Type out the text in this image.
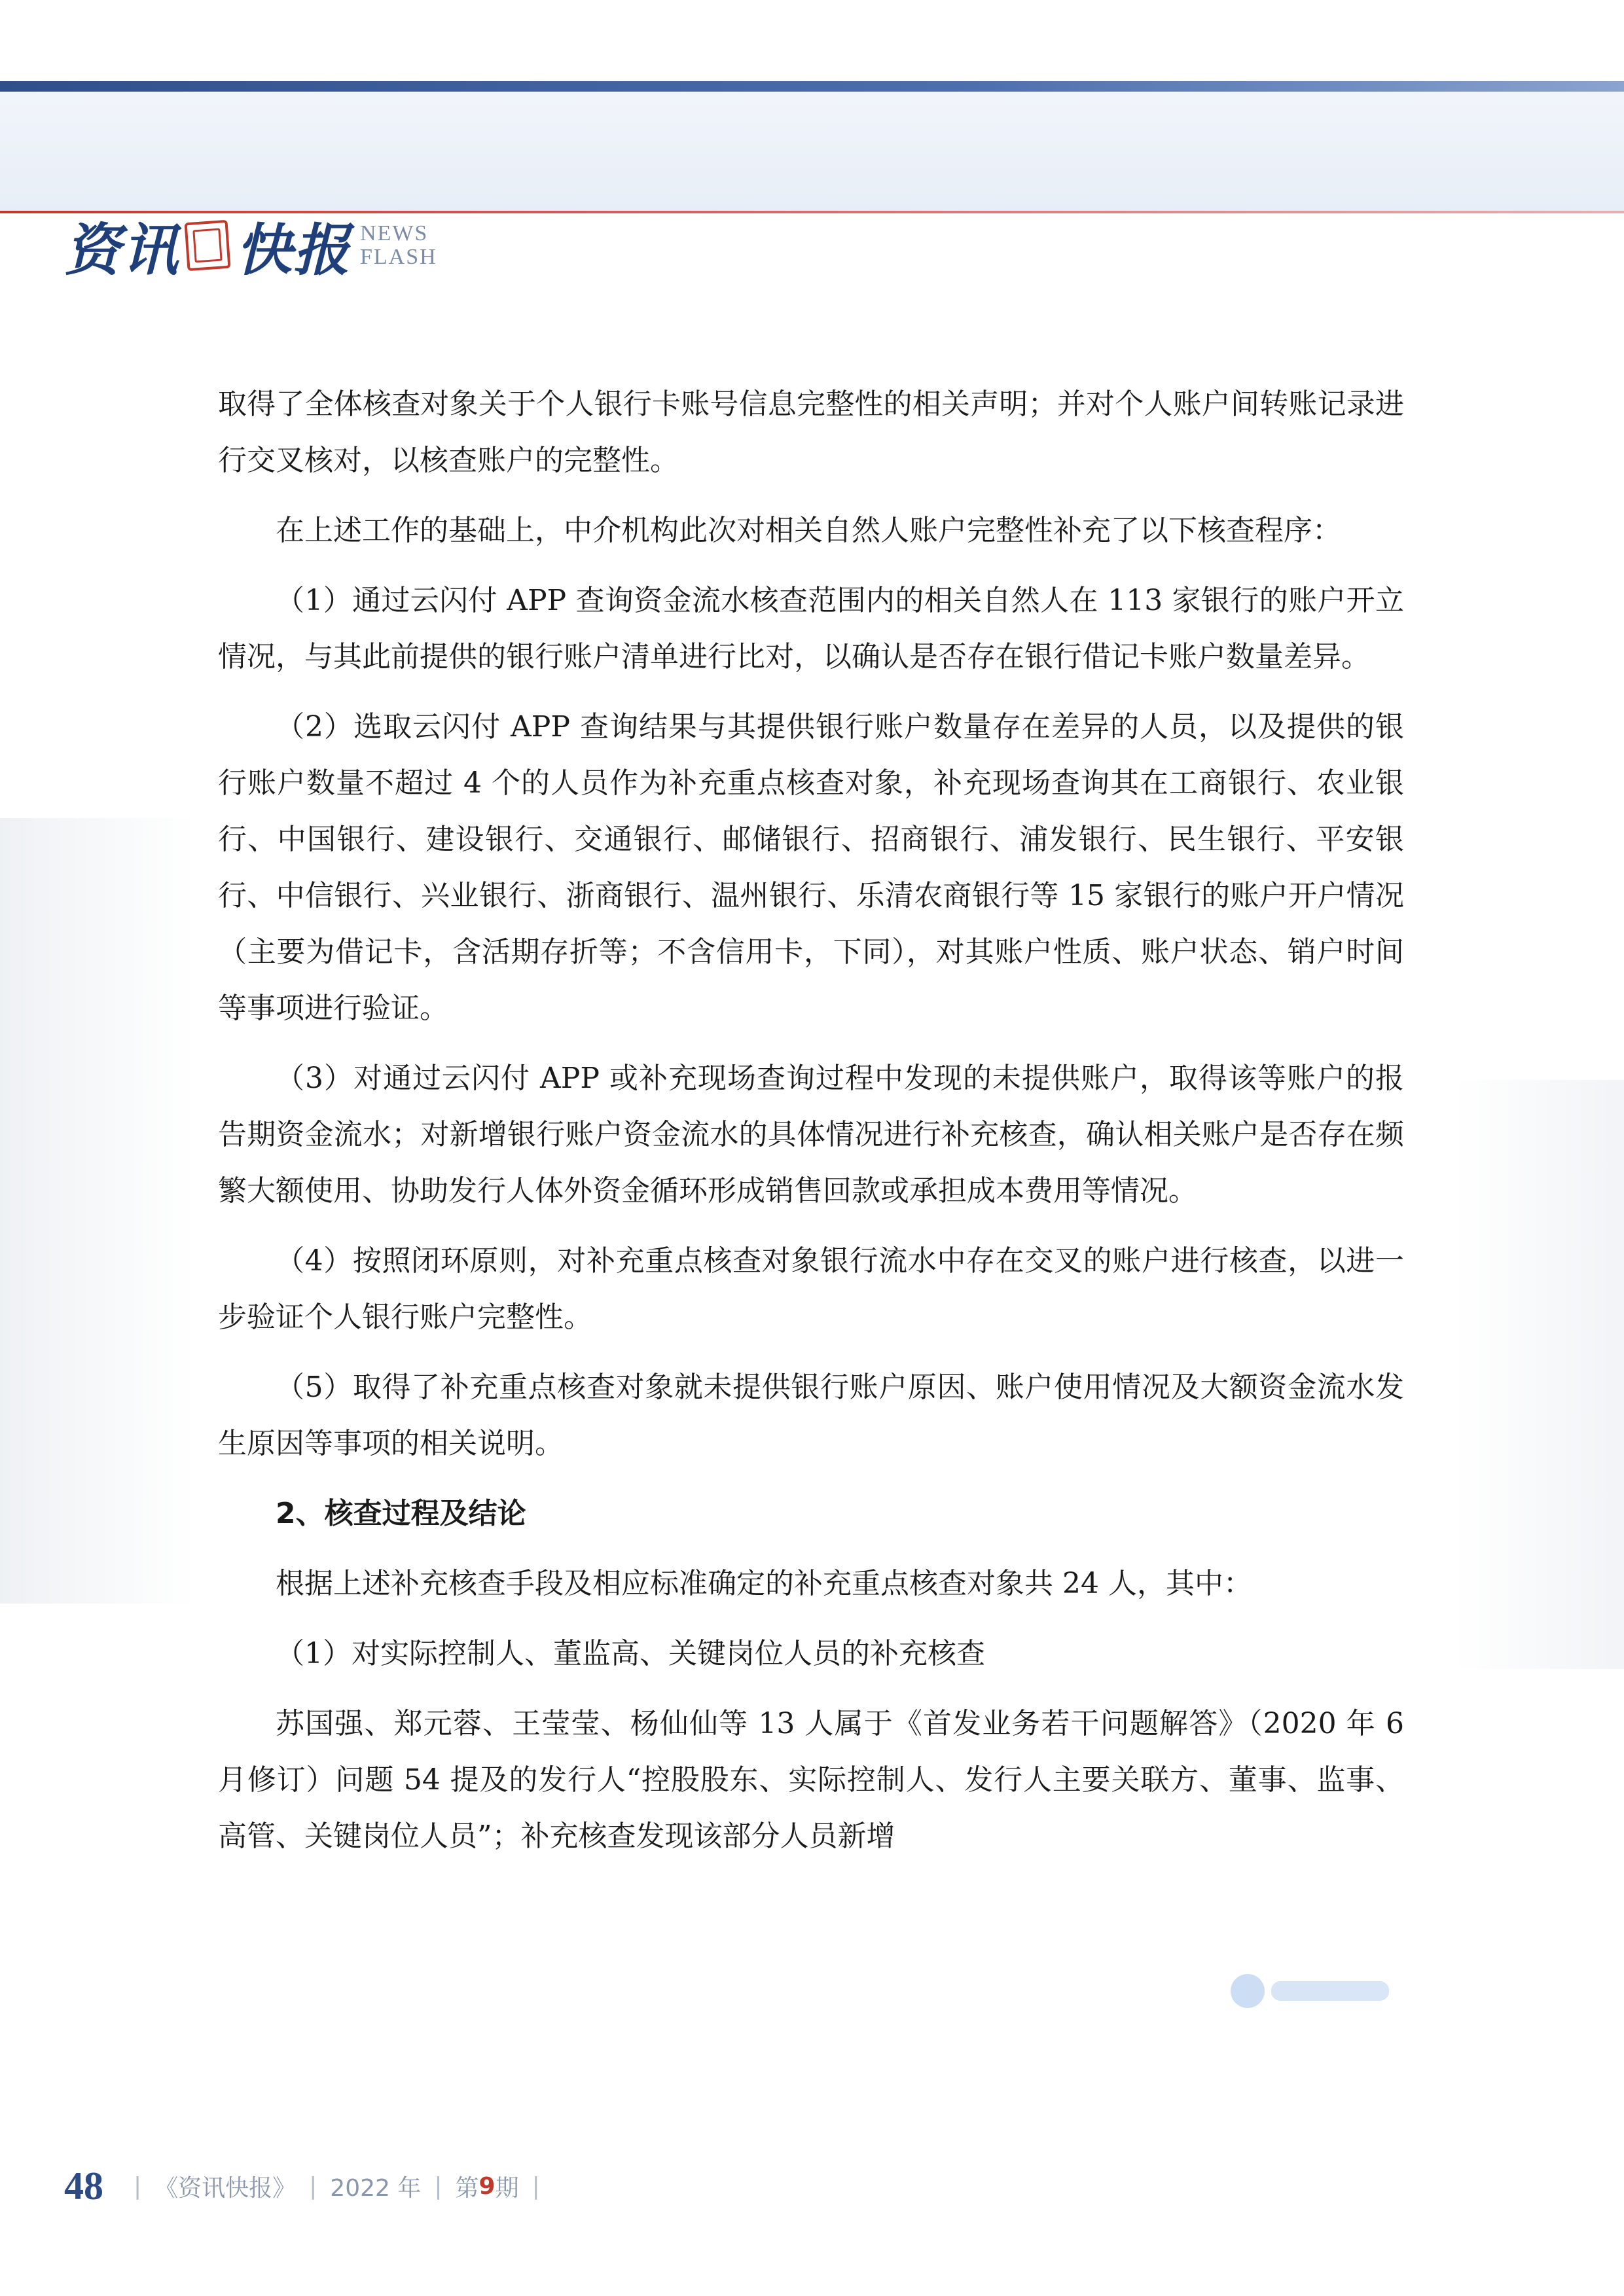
资讯 快报 NEWS
FLASH

取得了全体核查对象关于个人银行卡账号信息完整性的相关声明；并对个人账户间转账记录进行交叉核对，以核查账户的完整性。

在上述工作的基础上，中介机构此次对相关自然人账户完整性补充了以下核查程序：

（1）通过云闪付 APP 查询资金流水核查范围内的相关自然人在 113 家银行的账户开立情况，与其此前提供的银行账户清单进行比对，以确认是否存在银行借记卡账户数量差异。

（2）选取云闪付 APP 查询结果与其提供银行账户数量存在差异的人员，以及提供的银行账户数量不超过 4 个的人员作为补充重点核查对象，补充现场查询其在工商银行、农业银行、中国银行、建设银行、交通银行、邮储银行、招商银行、浦发银行、民生银行、平安银行、中信银行、兴业银行、浙商银行、温州银行、乐清农商银行等 15 家银行的账户开户情况（主要为借记卡，含活期存折等；不含信用卡，下同），对其账户性质、账户状态、销户时间等事项进行验证。

（3）对通过云闪付 APP 或补充现场查询过程中发现的未提供账户，取得该等账户的报告期资金流水；对新增银行账户资金流水的具体情况进行补充核查，确认相关账户是否存在频繁大额使用、协助发行人体外资金循环形成销售回款或承担成本费用等情况。

（4）按照闭环原则，对补充重点核查对象银行流水中存在交叉的账户进行核查，以进一步验证个人银行账户完整性。

（5）取得了补充重点核查对象就未提供银行账户原因、账户使用情况及大额资金流水发生原因等事项的相关说明。

2、核查过程及结论

根据上述补充核查手段及相应标准确定的补充重点核查对象共 24 人，其中：

（1）对实际控制人、董监高、关键岗位人员的补充核查

苏国强、郑元蓉、王莹莹、杨仙仙等 13 人属于《首发业务若干问题解答》（2020 年 6 月修订）问题 54 提及的发行人“控股股东、实际控制人、发行人主要关联方、董事、监事、高管、关键岗位人员”；补充核查发现该部分人员新增

48 | 《资讯快报》 | 2022 年 | 第 9 期 |
